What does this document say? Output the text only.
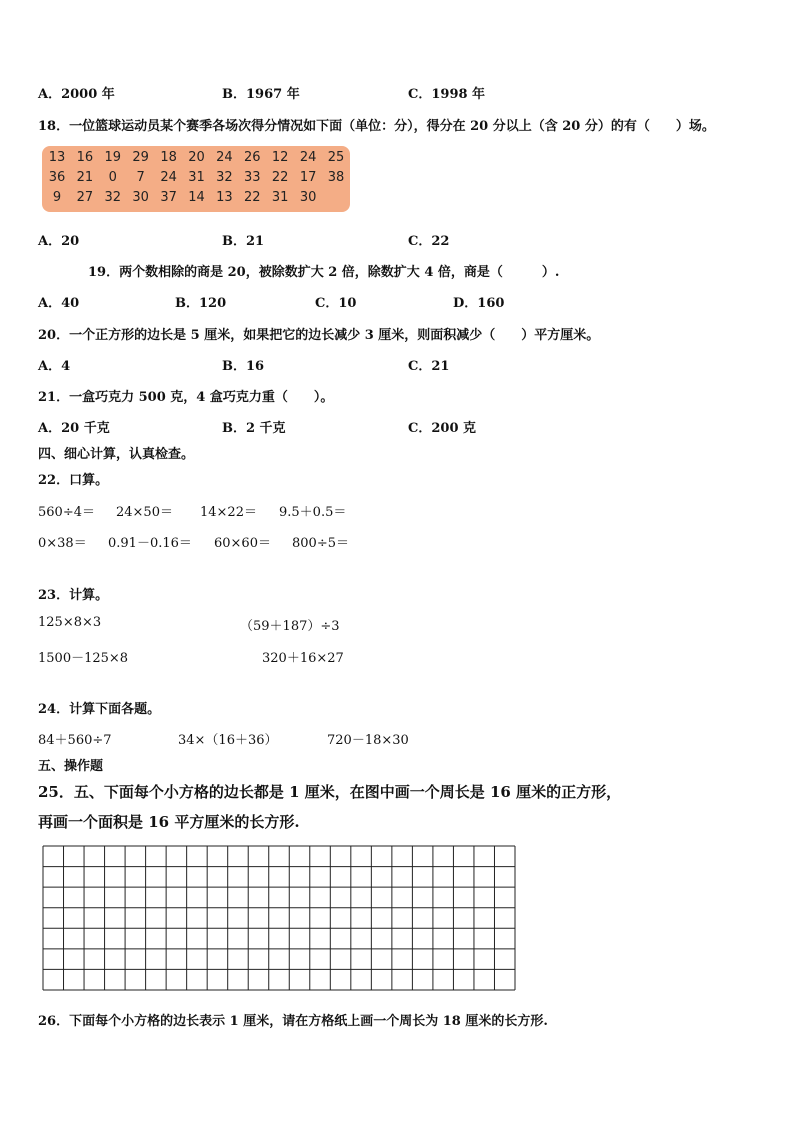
A．2000 年	B．1967 年	C．1998 年
18．一位篮球运动员某个赛季各场次得分情况如下面（单位：分），得分在 20 分以上（含 20 分）的有（　　）场。
13 16 19 29 18 20 24 26 12 24 25
36 21	0	7	24 31 32 33 22 17 38
9	27 32 30 37 14 13 22 31 30
A．20	B．21	C．22
19．两个数相除的商是 20，被除数扩大 2 倍，除数扩大 4 倍，商是（　　　）.
A．40	B．120	C．10	D．160
20．一个正方形的边长是 5 厘米，如果把它的边长减少 3 厘米，则面积减少（　　）平方厘米。
A．4	B．16	C．21
21．一盒巧克力 500 克，4 盒巧克力重（　　）。
A．20 千克	B．2 千克	C．200 克
四、细心计算，认真检查。
22．口算。
560÷4＝ 24×50＝ 14×22＝ 9.5＋0.5＝
0×38＝ 0.91－0.16＝ 60×60＝ 800÷5＝
23．计算。
125×8×3	（59＋187）÷3
1500－125×8	320＋16×27
24．计算下面各题。
84＋560÷7	34×（16＋36）	720－18×30
五、操作题
25．五、下面每个小方格的边长都是 1 厘米，在图中画一个周长是 16 厘米的正方形，
再画一个面积是 16 平方厘米的长方形.
26．下面每个小方格的边长表示 1 厘米，请在方格纸上画一个周长为 18 厘米的长方形.
